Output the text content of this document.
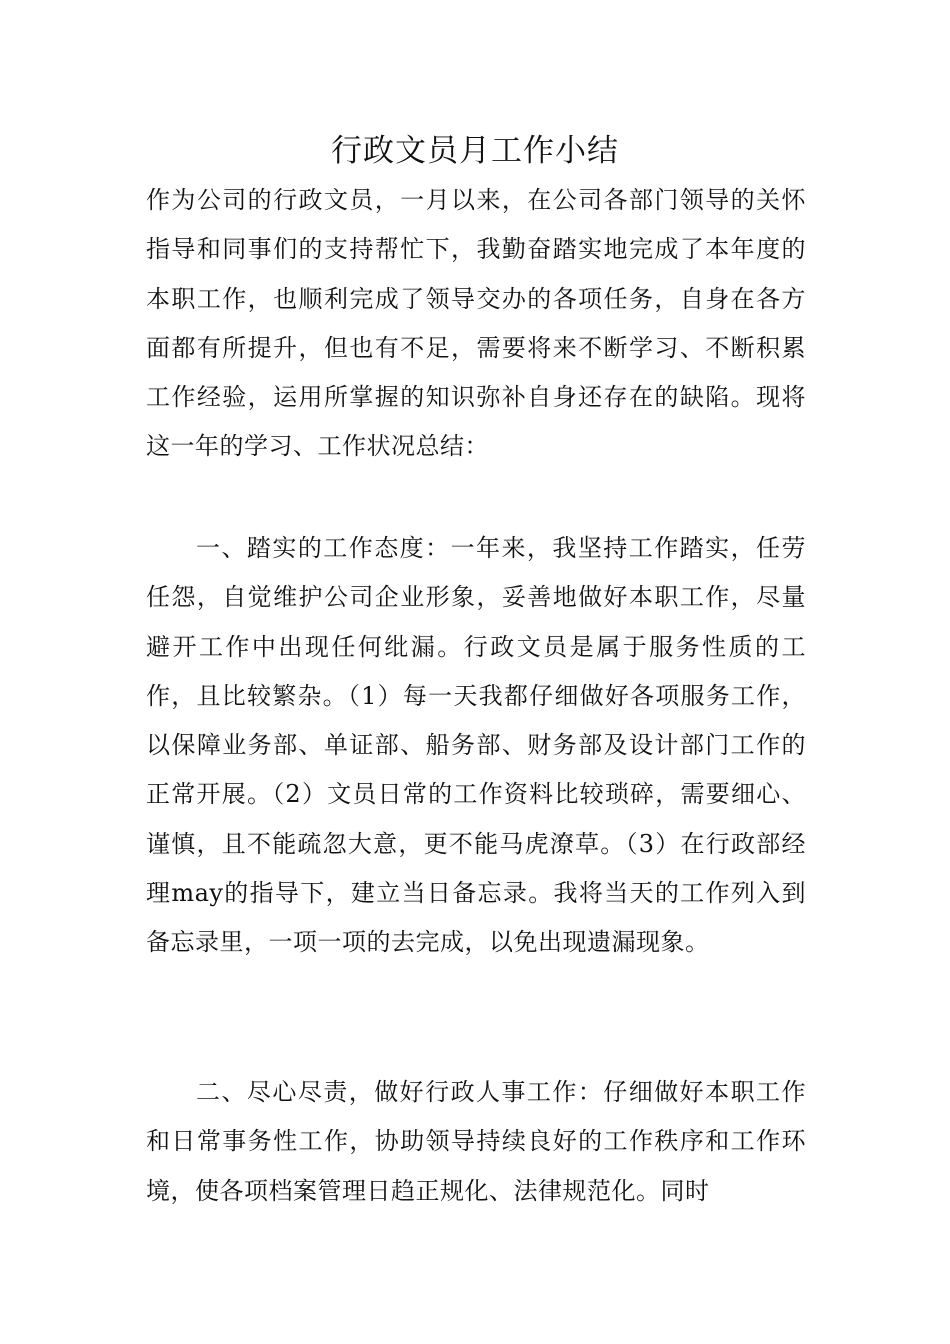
行政文员月工作小结

作为公司的行政文员，一月以来，在公司各部门领导的关怀指导和同事们的支持帮忙下，我勤奋踏实地完成了本年度的本职工作，也顺利完成了领导交办的各项任务，自身在各方面都有所提升，但也有不足，需要将来不断学习、不断积累工作经验，运用所掌握的知识弥补自身还存在的缺陷。现将这一年的学习、工作状况总结：

一、踏实的工作态度：一年来，我坚持工作踏实，任劳任怨，自觉维护公司企业形象，妥善地做好本职工作，尽量避开工作中出现任何纰漏。行政文员是属于服务性质的工作，且比较繁杂。（1）每一天我都仔细做好各项服务工作，以保障业务部、单证部、船务部、财务部及设计部门工作的正常开展。（2）文员日常的工作资料比较琐碎，需要细心、谨慎，且不能疏忽大意，更不能马虎潦草。（3）在行政部经理may的指导下，建立当日备忘录。我将当天的工作列入到备忘录里，一项一项的去完成，以免出现遗漏现象。

二、尽心尽责，做好行政人事工作：仔细做好本职工作和日常事务性工作，协助领导持续良好的工作秩序和工作环境，使各项档案管理日趋正规化、法律规范化。同时
